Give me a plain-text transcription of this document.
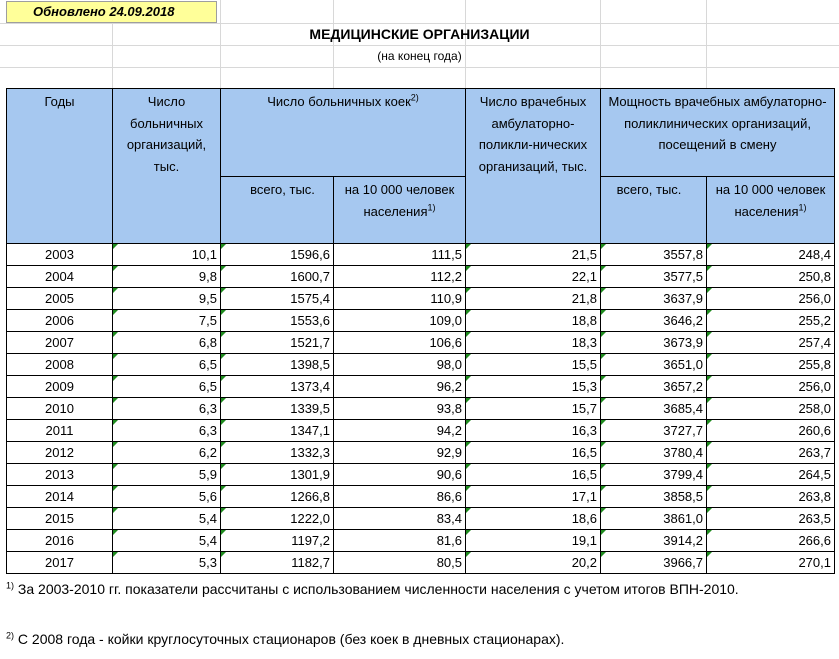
Обновлено 24.09.2018
МЕДИЦИНСКИЕ ОРГАНИЗАЦИИ
(на конец года)
Годы	Число больничных организаций, тыс.	Число больничных коек$^{2)}$		Число врачебных амбулаторно-поликли-нических организаций, тыс.	Мощность врачебных амбулаторно-поликлинических организаций, посещений в смену	
		всего, тыс.	на 10 000 человек населения$^{1)}$		всего, тыс.	на 10 000 человек населения$^{1)}$
2003	10,1	1596,6	111,5	21,5	3557,8	248,4
2004	9,8	1600,7	112,2	22,1	3577,5	250,8
2005	9,5	1575,4	110,9	21,8	3637,9	256,0
2006	7,5	1553,6	109,0	18,8	3646,2	255,2
2007	6,8	1521,7	106,6	18,3	3673,9	257,4
2008	6,5	1398,5	98,0	15,5	3651,0	255,8
2009	6,5	1373,4	96,2	15,3	3657,2	256,0
2010	6,3	1339,5	93,8	15,7	3685,4	258,0
2011	6,3	1347,1	94,2	16,3	3727,7	260,6
2012	6,2	1332,3	92,9	16,5	3780,4	263,7
2013	5,9	1301,9	90,6	16,5	3799,4	264,5
2014	5,6	1266,8	86,6	17,1	3858,5	263,8
2015	5,4	1222,0	83,4	18,6	3861,0	263,5
2016	5,4	1197,2	81,6	19,1	3914,2	266,6
2017	5,3	1182,7	80,5	20,2	3966,7	270,1
$^{1)}$ За 2003-2010 гг. показатели рассчитаны с использованием численности населения с учетом итогов ВПН-2010.
$^{2)}$ С 2008 года - койки круглосуточных стационаров (без коек в дневных стационарах).
